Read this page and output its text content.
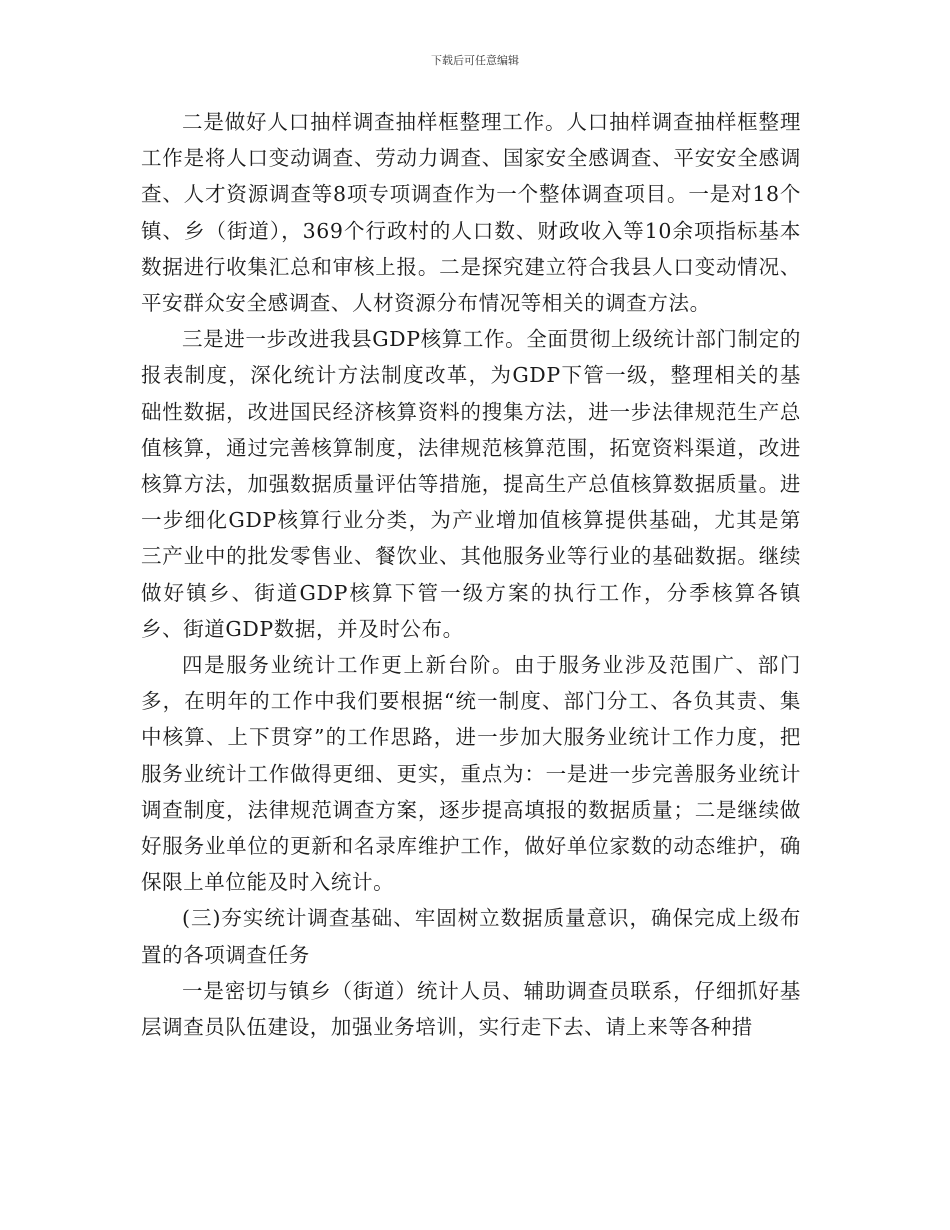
下载后可任意编辑

二是做好人口抽样调查抽样框整理工作。人口抽样调查抽样框整理工作是将人口变动调查、劳动力调查、国家安全感调查、平安安全感调查、人才资源调查等8项专项调查作为一个整体调查项目。一是对18个镇、乡（街道），369个行政村的人口数、财政收入等10余项指标基本数据进行收集汇总和审核上报。二是探究建立符合我县人口变动情况、平安群众安全感调查、人材资源分布情况等相关的调查方法。

三是进一步改进我县GDP核算工作。全面贯彻上级统计部门制定的报表制度，深化统计方法制度改革，为GDP下管一级，整理相关的基础性数据，改进国民经济核算资料的搜集方法，进一步法律规范生产总值核算，通过完善核算制度，法律规范核算范围，拓宽资料渠道，改进核算方法，加强数据质量评估等措施，提高生产总值核算数据质量。进一步细化GDP核算行业分类，为产业增加值核算提供基础，尤其是第三产业中的批发零售业、餐饮业、其他服务业等行业的基础数据。继续做好镇乡、街道GDP核算下管一级方案的执行工作，分季核算各镇乡、街道GDP数据，并及时公布。

四是服务业统计工作更上新台阶。由于服务业涉及范围广、部门多，在明年的工作中我们要根据“统一制度、部门分工、各负其责、集中核算、上下贯穿”的工作思路，进一步加大服务业统计工作力度，把服务业统计工作做得更细、更实，重点为：一是进一步完善服务业统计调查制度，法律规范调查方案，逐步提高填报的数据质量；二是继续做好服务业单位的更新和名录库维护工作，做好单位家数的动态维护，确保限上单位能及时入统计。

(三)夯实统计调查基础、牢固树立数据质量意识，确保完成上级布置的各项调查任务

一是密切与镇乡（街道）统计人员、辅助调查员联系，仔细抓好基层调查员队伍建设，加强业务培训，实行走下去、请上来等各种措
